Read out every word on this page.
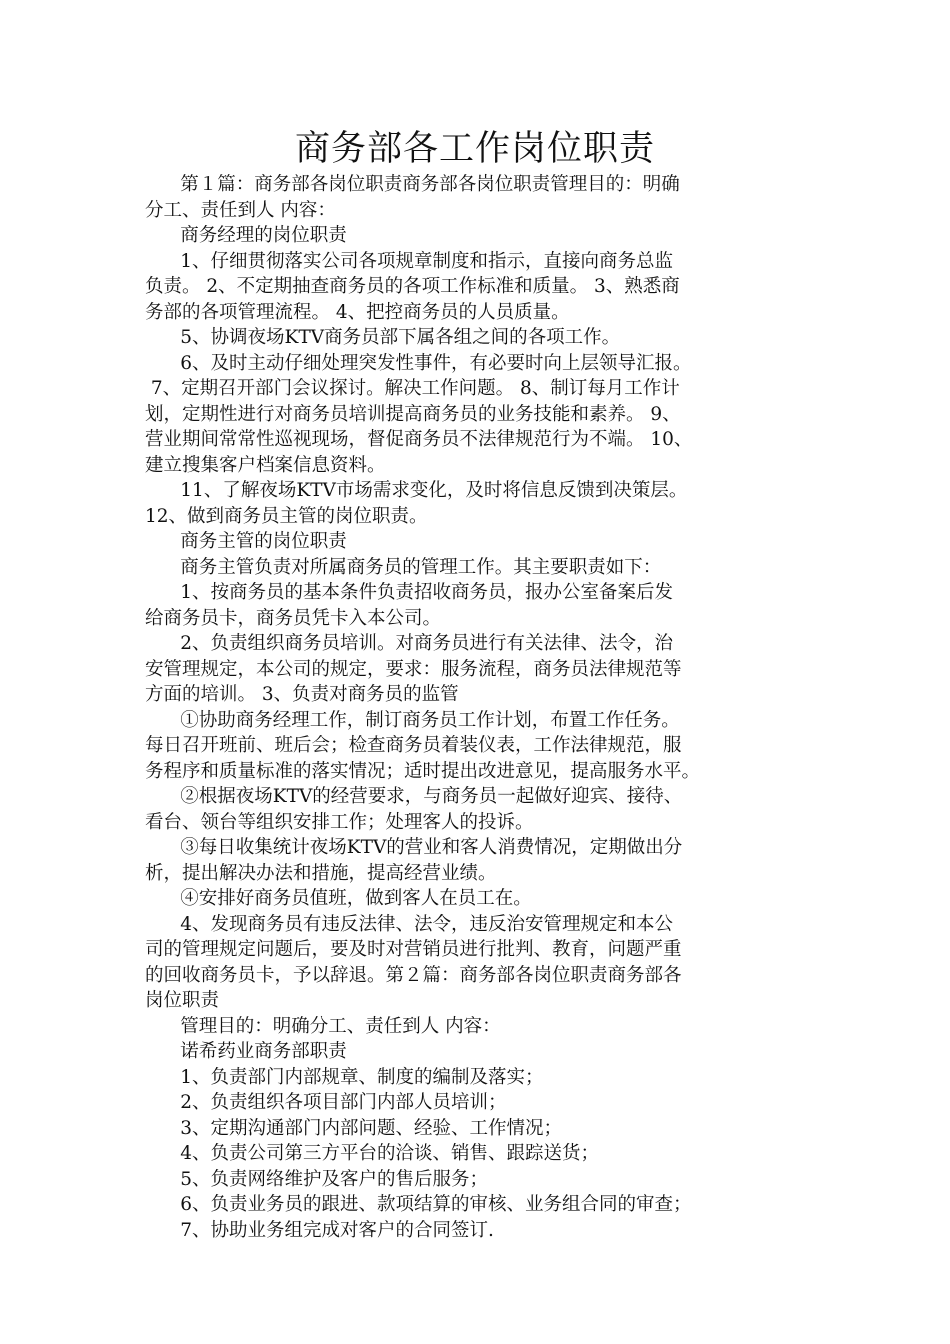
商务部各工作岗位职责
第１篇：商务部各岗位职责商务部各岗位职责管理目的：明确
分工、责任到人 内容：
商务经理的岗位职责
1、仔细贯彻落实公司各项规章制度和指示，直接向商务总监
负责。 2、不定期抽查商务员的各项工作标准和质量。 3、熟悉商
务部的各项管理流程。 4、把控商务员的人员质量。
5、协调夜场KTV商务员部下属各组之间的各项工作。
6、及时主动仔细处理突发性事件，有必要时向上层领导汇报。
7、定期召开部门会议探讨。解决工作问题。 8、制订每月工作计
划，定期性进行对商务员培训提高商务员的业务技能和素养。 9、
营业期间常常性巡视现场，督促商务员不法律规范行为不端。 10、
建立搜集客户档案信息资料。
11、了解夜场KTV市场需求变化，及时将信息反馈到决策层。
12、做到商务员主管的岗位职责。
商务主管的岗位职责
商务主管负责对所属商务员的管理工作。其主要职责如下：
1、按商务员的基本条件负责招收商务员，报办公室备案后发
给商务员卡，商务员凭卡入本公司。
2、负责组织商务员培训。对商务员进行有关法律、法令，治
安管理规定，本公司的规定，要求：服务流程，商务员法律规范等
方面的培训。 3、负责对商务员的监管
①协助商务经理工作，制订商务员工作计划，布置工作任务。
每日召开班前、班后会；检查商务员着装仪表，工作法律规范，服
务程序和质量标准的落实情况；适时提出改进意见，提高服务水平。
②根据夜场KTV的经营要求，与商务员一起做好迎宾、接待、
看台、领台等组织安排工作；处理客人的投诉。
③每日收集统计夜场KTV的营业和客人消费情况，定期做出分
析，提出解决办法和措施，提高经营业绩。
④安排好商务员值班，做到客人在员工在。
4、发现商务员有违反法律、法令，违反治安管理规定和本公
司的管理规定问题后，要及时对营销员进行批判、教育，问题严重
的回收商务员卡，予以辞退。第２篇：商务部各岗位职责商务部各
岗位职责
管理目的：明确分工、责任到人 内容：
诺希药业商务部职责
1、负责部门内部规章、制度的编制及落实；
2、负责组织各项目部门内部人员培训；
3、定期沟通部门内部问题、经验、工作情况；
4、负责公司第三方平台的洽谈、销售、跟踪送货；
5、负责网络维护及客户的售后服务；
6、负责业务员的跟进、款项结算的审核、业务组合同的审查；
7、协助业务组完成对客户的合同签订.
